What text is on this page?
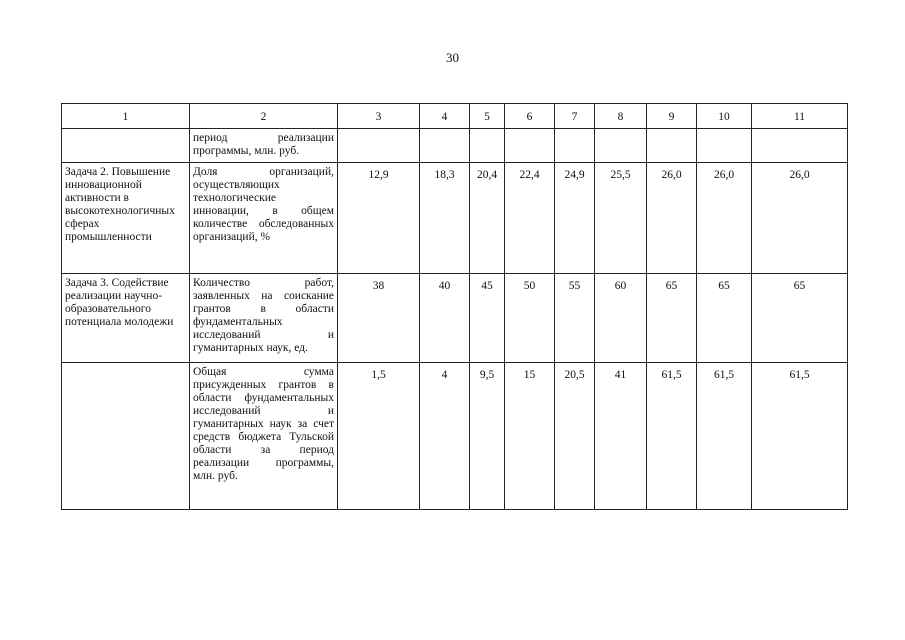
30
1	2	3	4	5	6	7	8	9	10	11
	период реализации программы, млн. руб.									
Задача 2. Повышение инновационной активности в высокотехнологичных сферах промышленности	Доля организаций, осуществляющих технологические инновации, в общем количестве обследованных организаций, %	12,9	18,3	20,4	22,4	24,9	25,5	26,0	26,0	26,0
Задача 3. Содействие реализации научно-образовательного потенциала молодежи	Количество работ, заявленных на соискание грантов в области фундаментальных исследований и гуманитарных наук, ед.	38	40	45	50	55	60	65	65	65
	Общая сумма присужденных грантов в области фундаментальных исследований и гуманитарных наук за счет средств бюджета Тульской области за период реализации программы, млн. руб.	1,5	4	9,5	15	20,5	41	61,5	61,5	61,5
